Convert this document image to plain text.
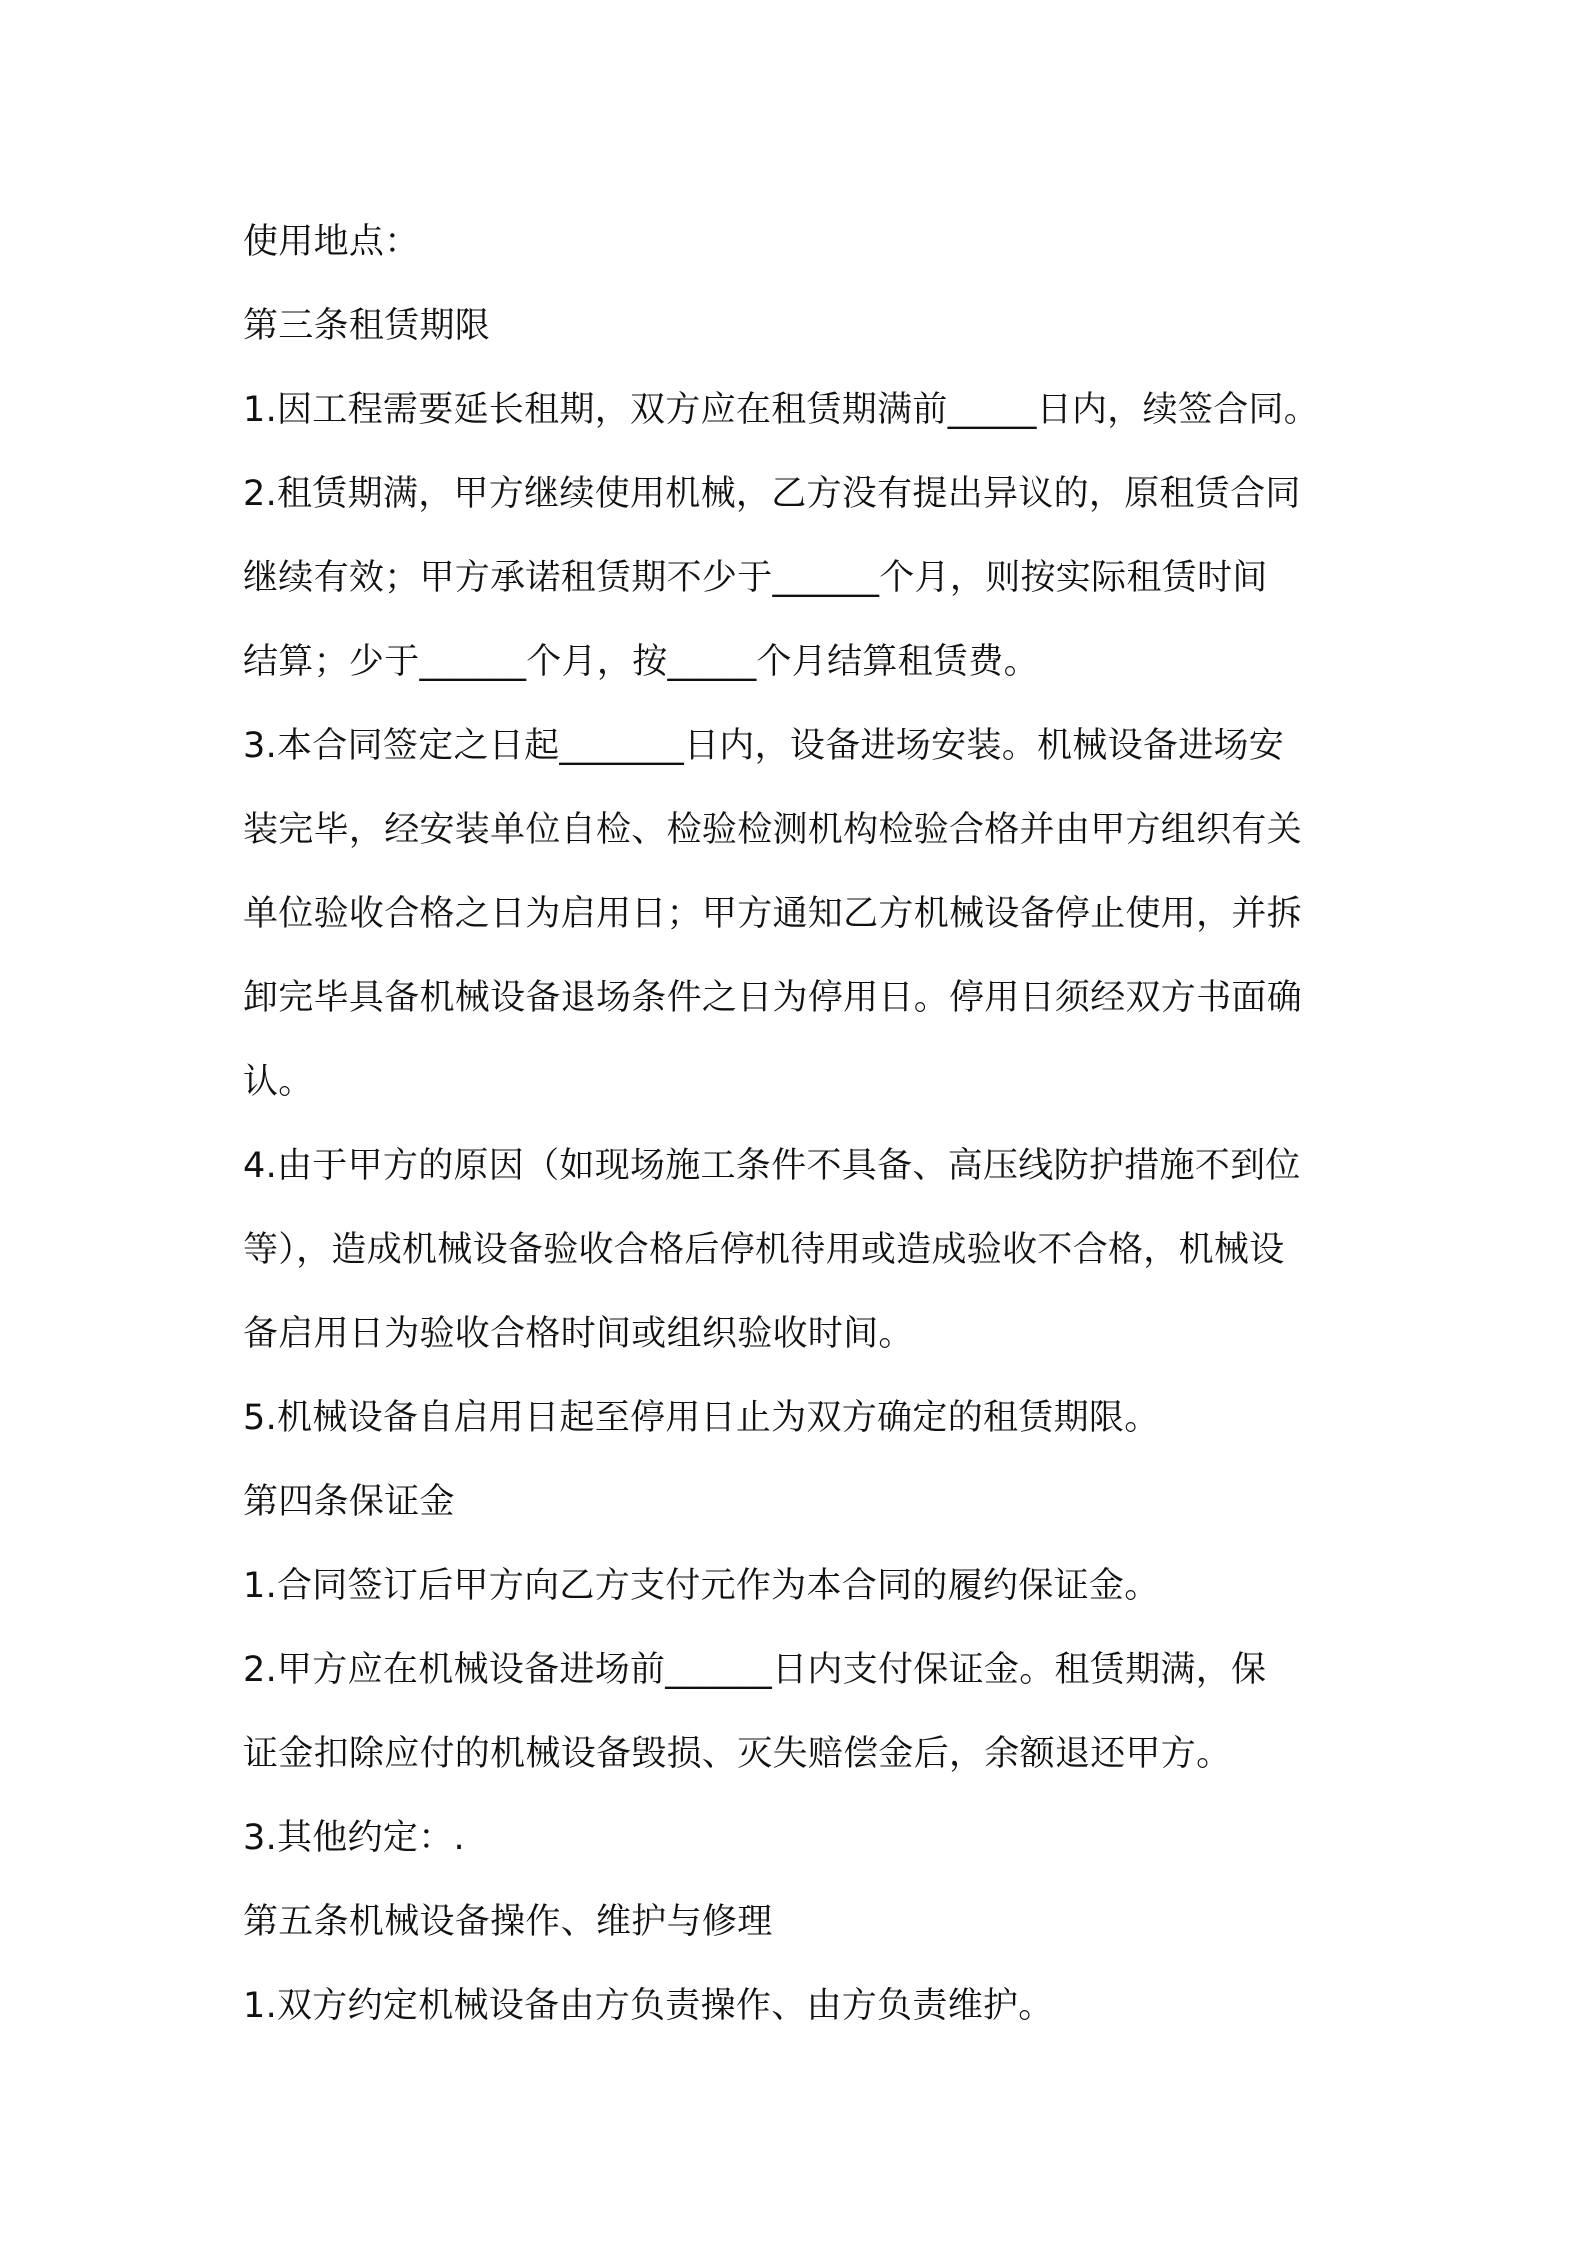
使用地点：
第三条租赁期限
1.因工程需要延长租期，双方应在租赁期满前_____日内，续签合同。
2.租赁期满，甲方继续使用机械，乙方没有提出异议的，原租赁合同
继续有效；甲方承诺租赁期不少于______个月，则按实际租赁时间
结算；少于______个月，按_____个月结算租赁费。
3.本合同签定之日起_______日内，设备进场安装。机械设备进场安
装完毕，经安装单位自检、检验检测机构检验合格并由甲方组织有关
单位验收合格之日为启用日；甲方通知乙方机械设备停止使用，并拆
卸完毕具备机械设备退场条件之日为停用日。停用日须经双方书面确
认。
4.由于甲方的原因（如现场施工条件不具备、高压线防护措施不到位
等），造成机械设备验收合格后停机待用或造成验收不合格，机械设
备启用日为验收合格时间或组织验收时间。
5.机械设备自启用日起至停用日止为双方确定的租赁期限。
第四条保证金
1.合同签订后甲方向乙方支付元作为本合同的履约保证金。
2.甲方应在机械设备进场前______日内支付保证金。租赁期满，保
证金扣除应付的机械设备毁损、灭失赔偿金后，余额退还甲方。
3.其他约定：.
第五条机械设备操作、维护与修理
1.双方约定机械设备由方负责操作、由方负责维护。
